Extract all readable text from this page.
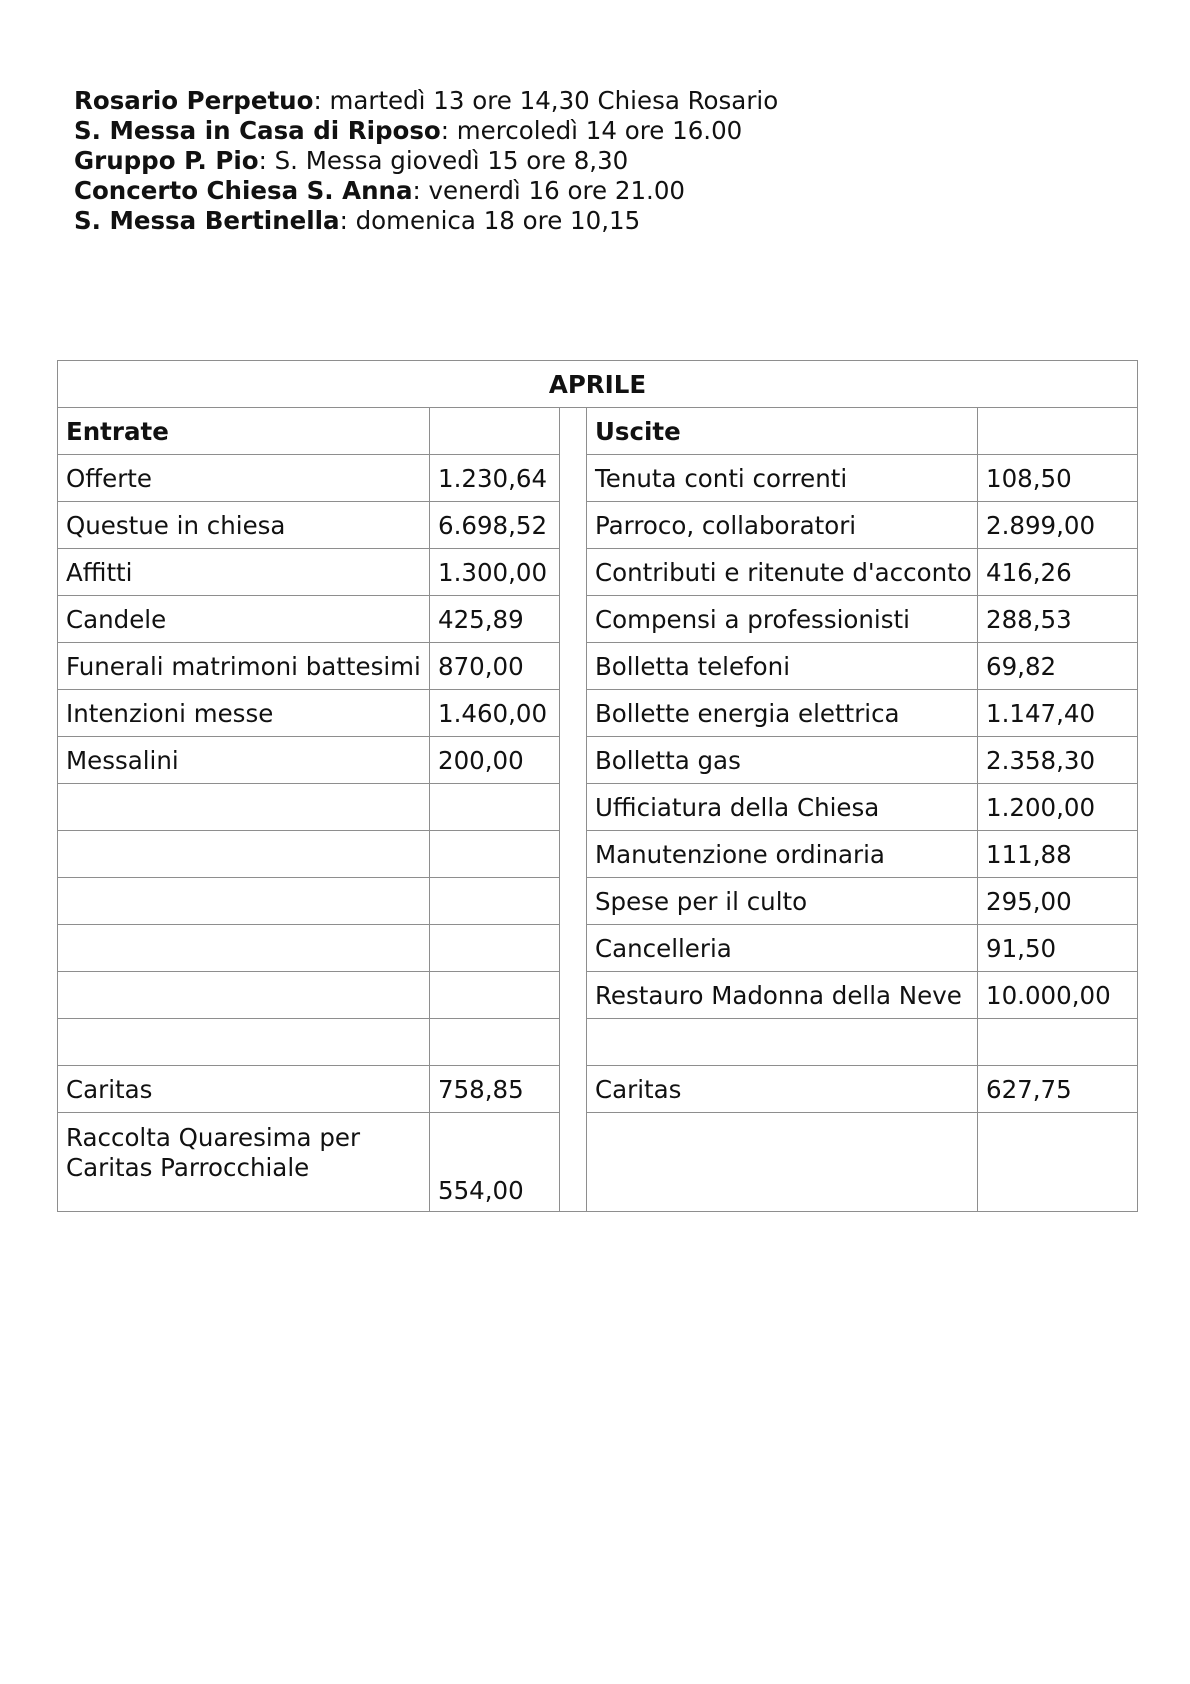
Rosario Perpetuo: martedì 13 ore 14,30 Chiesa Rosario
S. Messa in Casa di Riposo: mercoledì 14 ore 16.00
Gruppo P. Pio: S. Messa giovedì 15 ore 8,30
Concerto Chiesa S. Anna: venerdì 16 ore 21.00
S. Messa Bertinella: domenica 18 ore 10,15
APRILE				
Entrate			Uscite	
Offerte	1.230,64		Tenuta conti correnti	108,50
Questue in chiesa	6.698,52		Parroco, collaboratori	2.899,00
Affitti	1.300,00		Contributi e ritenute d'acconto	416,26
Candele	425,89		Compensi a professionisti	288,53
Funerali matrimoni battesimi	870,00		Bolletta telefoni	69,82
Intenzioni messe	1.460,00		Bollette energia elettrica	1.147,40
Messalini	200,00		Bolletta gas	2.358,30
			Ufficiatura della Chiesa	1.200,00
			Manutenzione ordinaria	111,88
			Spese per il culto	295,00
			Cancelleria	91,50
			Restauro Madonna della Neve	10.000,00

Caritas	758,85		Caritas	627,75

Raccolta Quaresima per
Caritas Parrocchiale	554,00			
